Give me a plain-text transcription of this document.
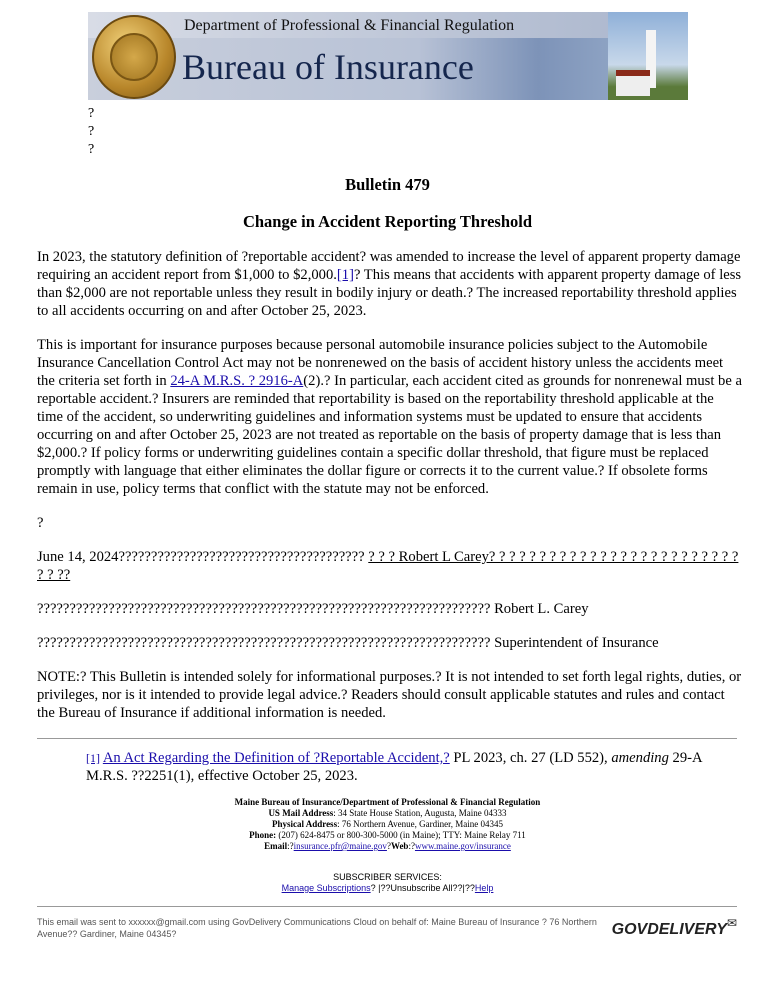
Department of Professional & Financial Regulation
Bureau of Insurance
?
?
?
Bulletin 479
Change in Accident Reporting Threshold

In 2023, the statutory definition of ?reportable accident? was amended to increase the level of apparent property damage requiring an accident report from $1,000 to $2,000.[1]? This means that accidents with apparent property damage of less than $2,000 are not reportable unless they result in bodily injury or death.? The increased reportability threshold applies to all accidents occurring on and after October 25, 2023.

This is important for insurance purposes because personal automobile insurance policies subject to the Automobile Insurance Cancellation Control Act may not be nonrenewed on the basis of accident history unless the accidents meet the criteria set forth in 24-A M.R.S. ? 2916-A(2).? In particular, each accident cited as grounds for nonrenewal must be a reportable accident.? Insurers are reminded that reportability is based on the reportability threshold applicable at the time of the accident, so underwriting guidelines and information systems must be updated to ensure that accidents occurring on and after October 25, 2023 are not treated as reportable on the basis of property damage that is less than $2,000.? If policy forms or underwriting guidelines contain a specific dollar threshold, that figure must be replaced promptly with language that either eliminates the dollar figure or corrects it to the current value.? If obsolete forms remain in use, policy terms that conflict with the statute may not be enforced.

?

June 14, 2024?????????????????????????????????????? ? ? ? Robert L Carey? ? ? ? ? ? ? ? ? ? ? ? ? ? ? ? ? ? ? ? ? ? ? ? ? ? ? ??

?????????????????????????????????????????????????????????????????????? Robert L. Carey

?????????????????????????????????????????????????????????????????????? Superintendent of Insurance

NOTE:? This Bulletin is intended solely for informational purposes.? It is not intended to set forth legal rights, duties, or privileges, nor is it intended to provide legal advice.? Readers should consult applicable statutes and rules and contact the Bureau of Insurance if additional information is needed.

[1] An Act Regarding the Definition of ?Reportable Accident,? PL 2023, ch. 27 (LD 552), amending 29-A M.R.S. ??2251(1), effective October 25, 2023.
Maine Bureau of Insurance/Department of Professional & Financial Regulation
US Mail Address: 34 State House Station, Augusta, Maine 04333
Physical Address: 76 Northern Avenue, Gardiner, Maine 04345
Phone: (207) 624-8475 or 800-300-5000 (in Maine); TTY: Maine Relay 711
Email:?insurance.pfr@maine.gov?Web:?www.maine.gov/insurance
SUBSCRIBER SERVICES:
Manage Subscriptions? |??Unsubscribe All??|??Help
This email was sent to xxxxxx@gmail.com using GovDelivery Communications Cloud on behalf of: Maine Bureau of Insurance ? 76 Northern Avenue?? Gardiner, Maine 04345?	GOVDELIVERY ✉
